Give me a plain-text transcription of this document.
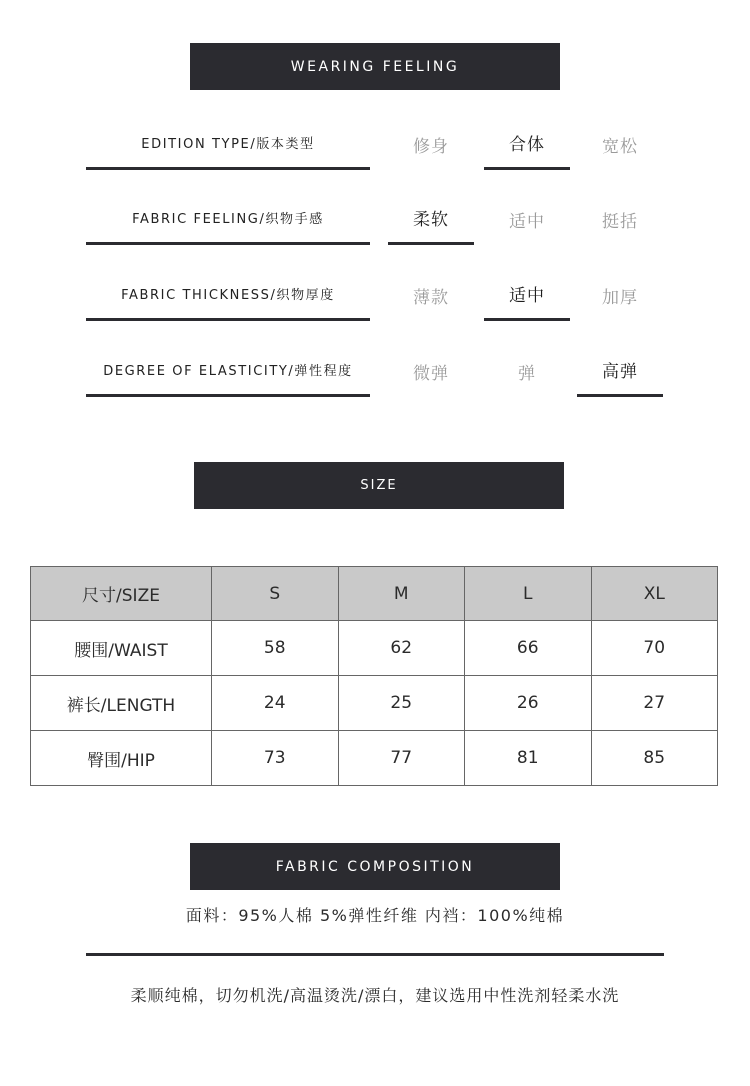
WEARING FEELING
EDITION TYPE/版本类型	修身	合体	宽松
FABRIC FEELING/织物手感	柔软	适中	挺括
FABRIC THICKNESS/织物厚度	薄款	适中	加厚
DEGREE OF ELASTICITY/弹性程度	微弹	弹	高弹
SIZE
尺寸/SIZE	S	M	L	XL
腰围/WAIST	58	62	66	70
裤长/LENGTH	24	25	26	27
臀围/HIP	73	77	81	85
FABRIC COMPOSITION
面料：95%人棉 5%弹性纤维 内裆：100%纯棉
柔顺纯棉，切勿机洗/高温烫洗/漂白，建议选用中性洗剂轻柔水洗
